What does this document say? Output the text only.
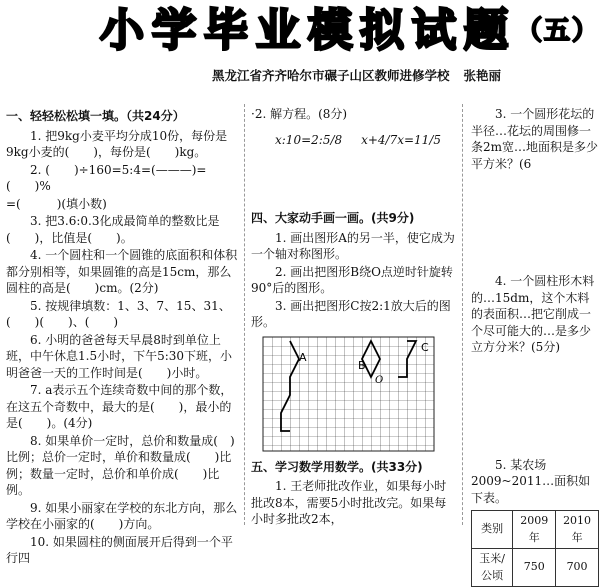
小学毕业模拟试题（五）
黑龙江省齐齐哈尔市碾子山区教师进修学校 张艳丽
一、轻轻松松填一填。（共24分）

1. 把9kg小麦平均分成10份，每份是9kg小麦的(　　)，每份是(　　)kg。

2. (　　)÷160=5:4=(———)=(　　)%

=(　　　)(填小数)

3. 把3.6:0.3化成最简单的整数比是(　　)，比值是(　　)。

4. 一个圆柱和一个圆锥的底面积和体积都分别相等，如果圆锥的高是15cm，那么圆柱的高是(　　)cm。(2分)

5. 按规律填数：1、3、7、15、31、(　　)(　　)、(　　)

6. 小明的爸爸每天早晨8时到单位上班，中午休息1.5小时，下午5:30下班，小明爸爸一天的工作时间是(　　)小时。

7. a表示五个连续奇数中间的那个数，在这五个奇数中，最大的是(　　)，最小的是(　　)。(4分)

8. 如果单价一定时，总价和数量成(　)比例；总价一定时，单价和数量成(　　)比例；数量一定时，总价和单价成(　　)比例。

9. 如果小丽家在学校的东北方向，那么学校在小丽家的(　　)方向。

10. 如果圆柱的侧面展开后得到一个平行四

·2. 解方程。(8分)

x:10=2:5/8 x+4/7x=11/5
四、大家动手画一画。(共9分)

1. 画出图形A的另一半，使它成为一个轴对称图形。

2. 画出把图形B绕O点逆时针旋转90°后的图形。

3. 画出把图形C按2:1放大后的图形。

A
B
O
C
五、学习数学用数学。(共33分)

1. 王老师批改作业，如果每小时批改8本，需要5小时批改完。如果每小时多批改2本，

3. 一个圆形花坛的半径…花坛的周围修一条2m宽…地面积是多少平方米？(6

4. 一个圆柱形木料的…15dm，这个木料的表面积…把它削成一个尽可能大的…是多少立方分米？(5分)

5. 某农场2009~2011…面积如下表。

类别	2009年	2010年
玉米/公顷	750	700
